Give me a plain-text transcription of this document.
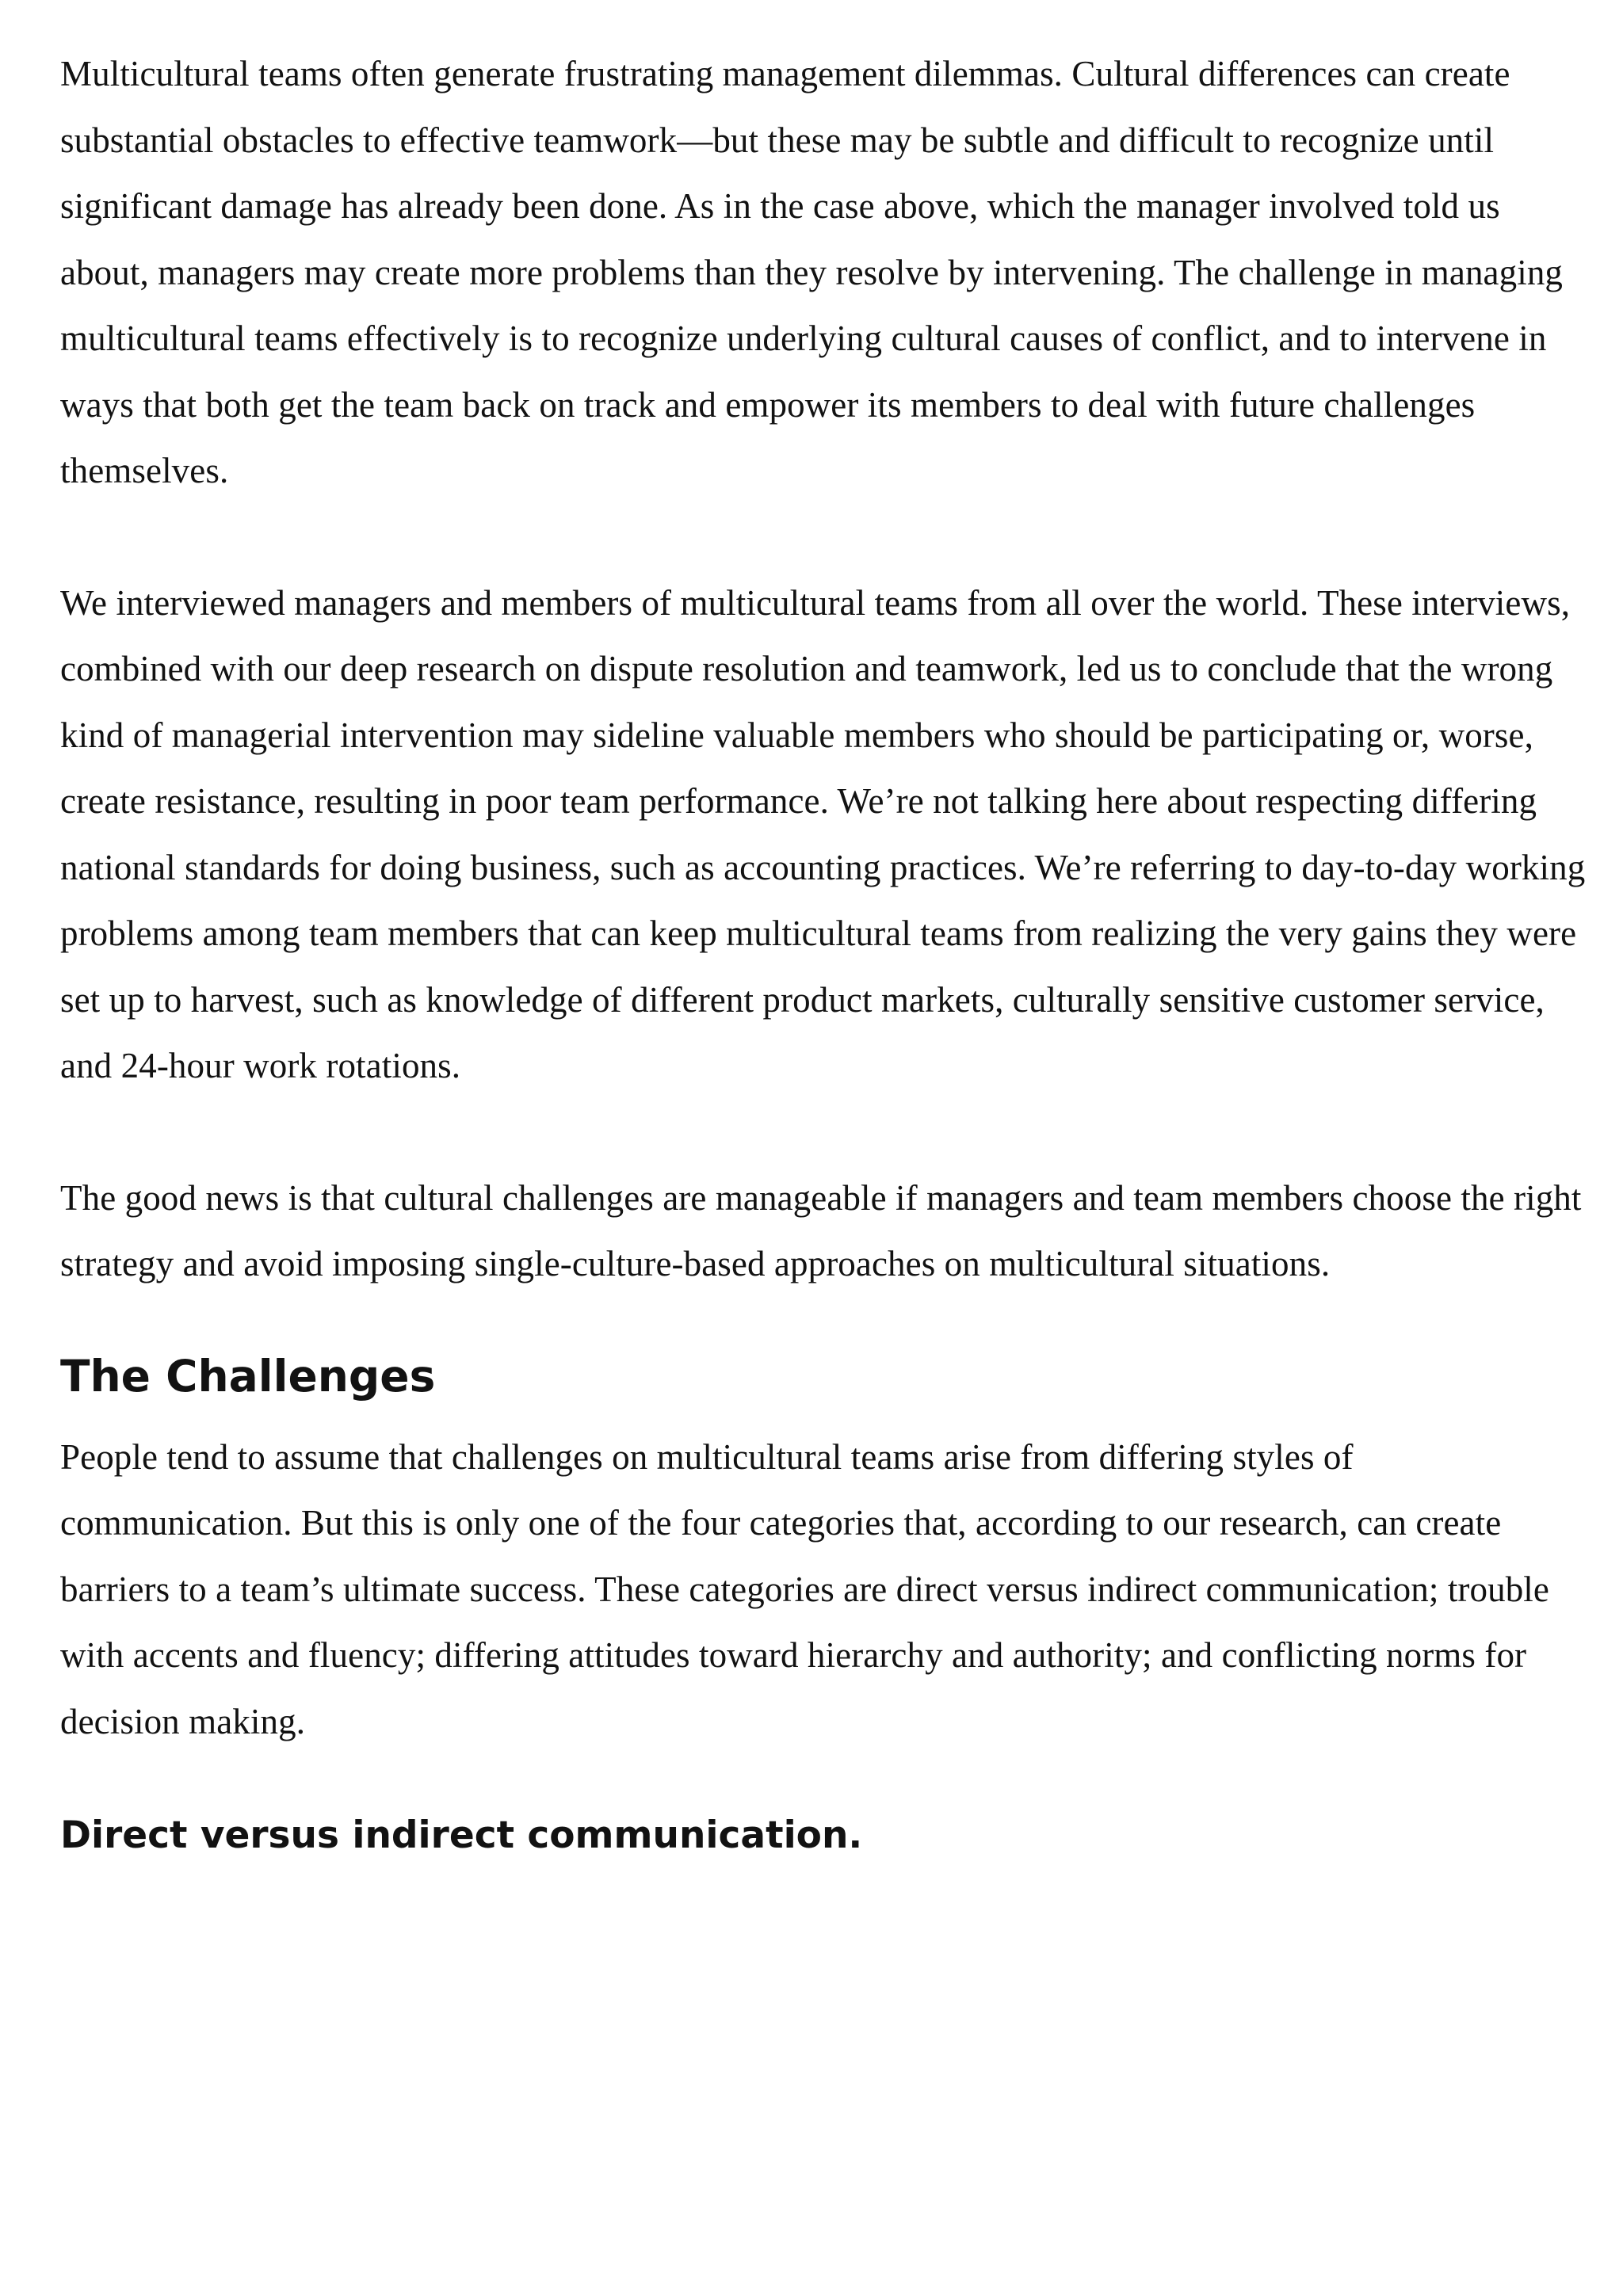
Multicultural teams often generate frustrating management dilemmas. Cultural differences can create substantial obstacles to effective teamwork—but these may be subtle and difficult to recognize until significant damage has already been done. As in the case above, which the manager involved told us about, managers may create more problems than they resolve by intervening. The challenge in managing multicultural teams effectively is to recognize underlying cultural causes of conflict, and to intervene in ways that both get the team back on track and empower its members to deal with future challenges themselves.

We interviewed managers and members of multicultural teams from all over the world. These interviews, combined with our deep research on dispute resolution and teamwork, led us to conclude that the wrong kind of managerial intervention may sideline valuable members who should be participating or, worse, create resistance, resulting in poor team performance. We’re not talking here about respecting differing national standards for doing business, such as accounting practices. We’re referring to day-to-day working problems among team members that can keep multicultural teams from realizing the very gains they were set up to harvest, such as knowledge of different product markets, culturally sensitive customer service, and 24-hour work rotations.

The good news is that cultural challenges are manageable if managers and team members choose the right strategy and avoid imposing single-culture-based approaches on multicultural situations.

The Challenges

People tend to assume that challenges on multicultural teams arise from differing styles of communication. But this is only one of the four categories that, according to our research, can create barriers to a team’s ultimate success. These categories are direct versus indirect communication; trouble with accents and fluency; differing attitudes toward hierarchy and authority; and conflicting norms for decision making.

Direct versus indirect communication.
